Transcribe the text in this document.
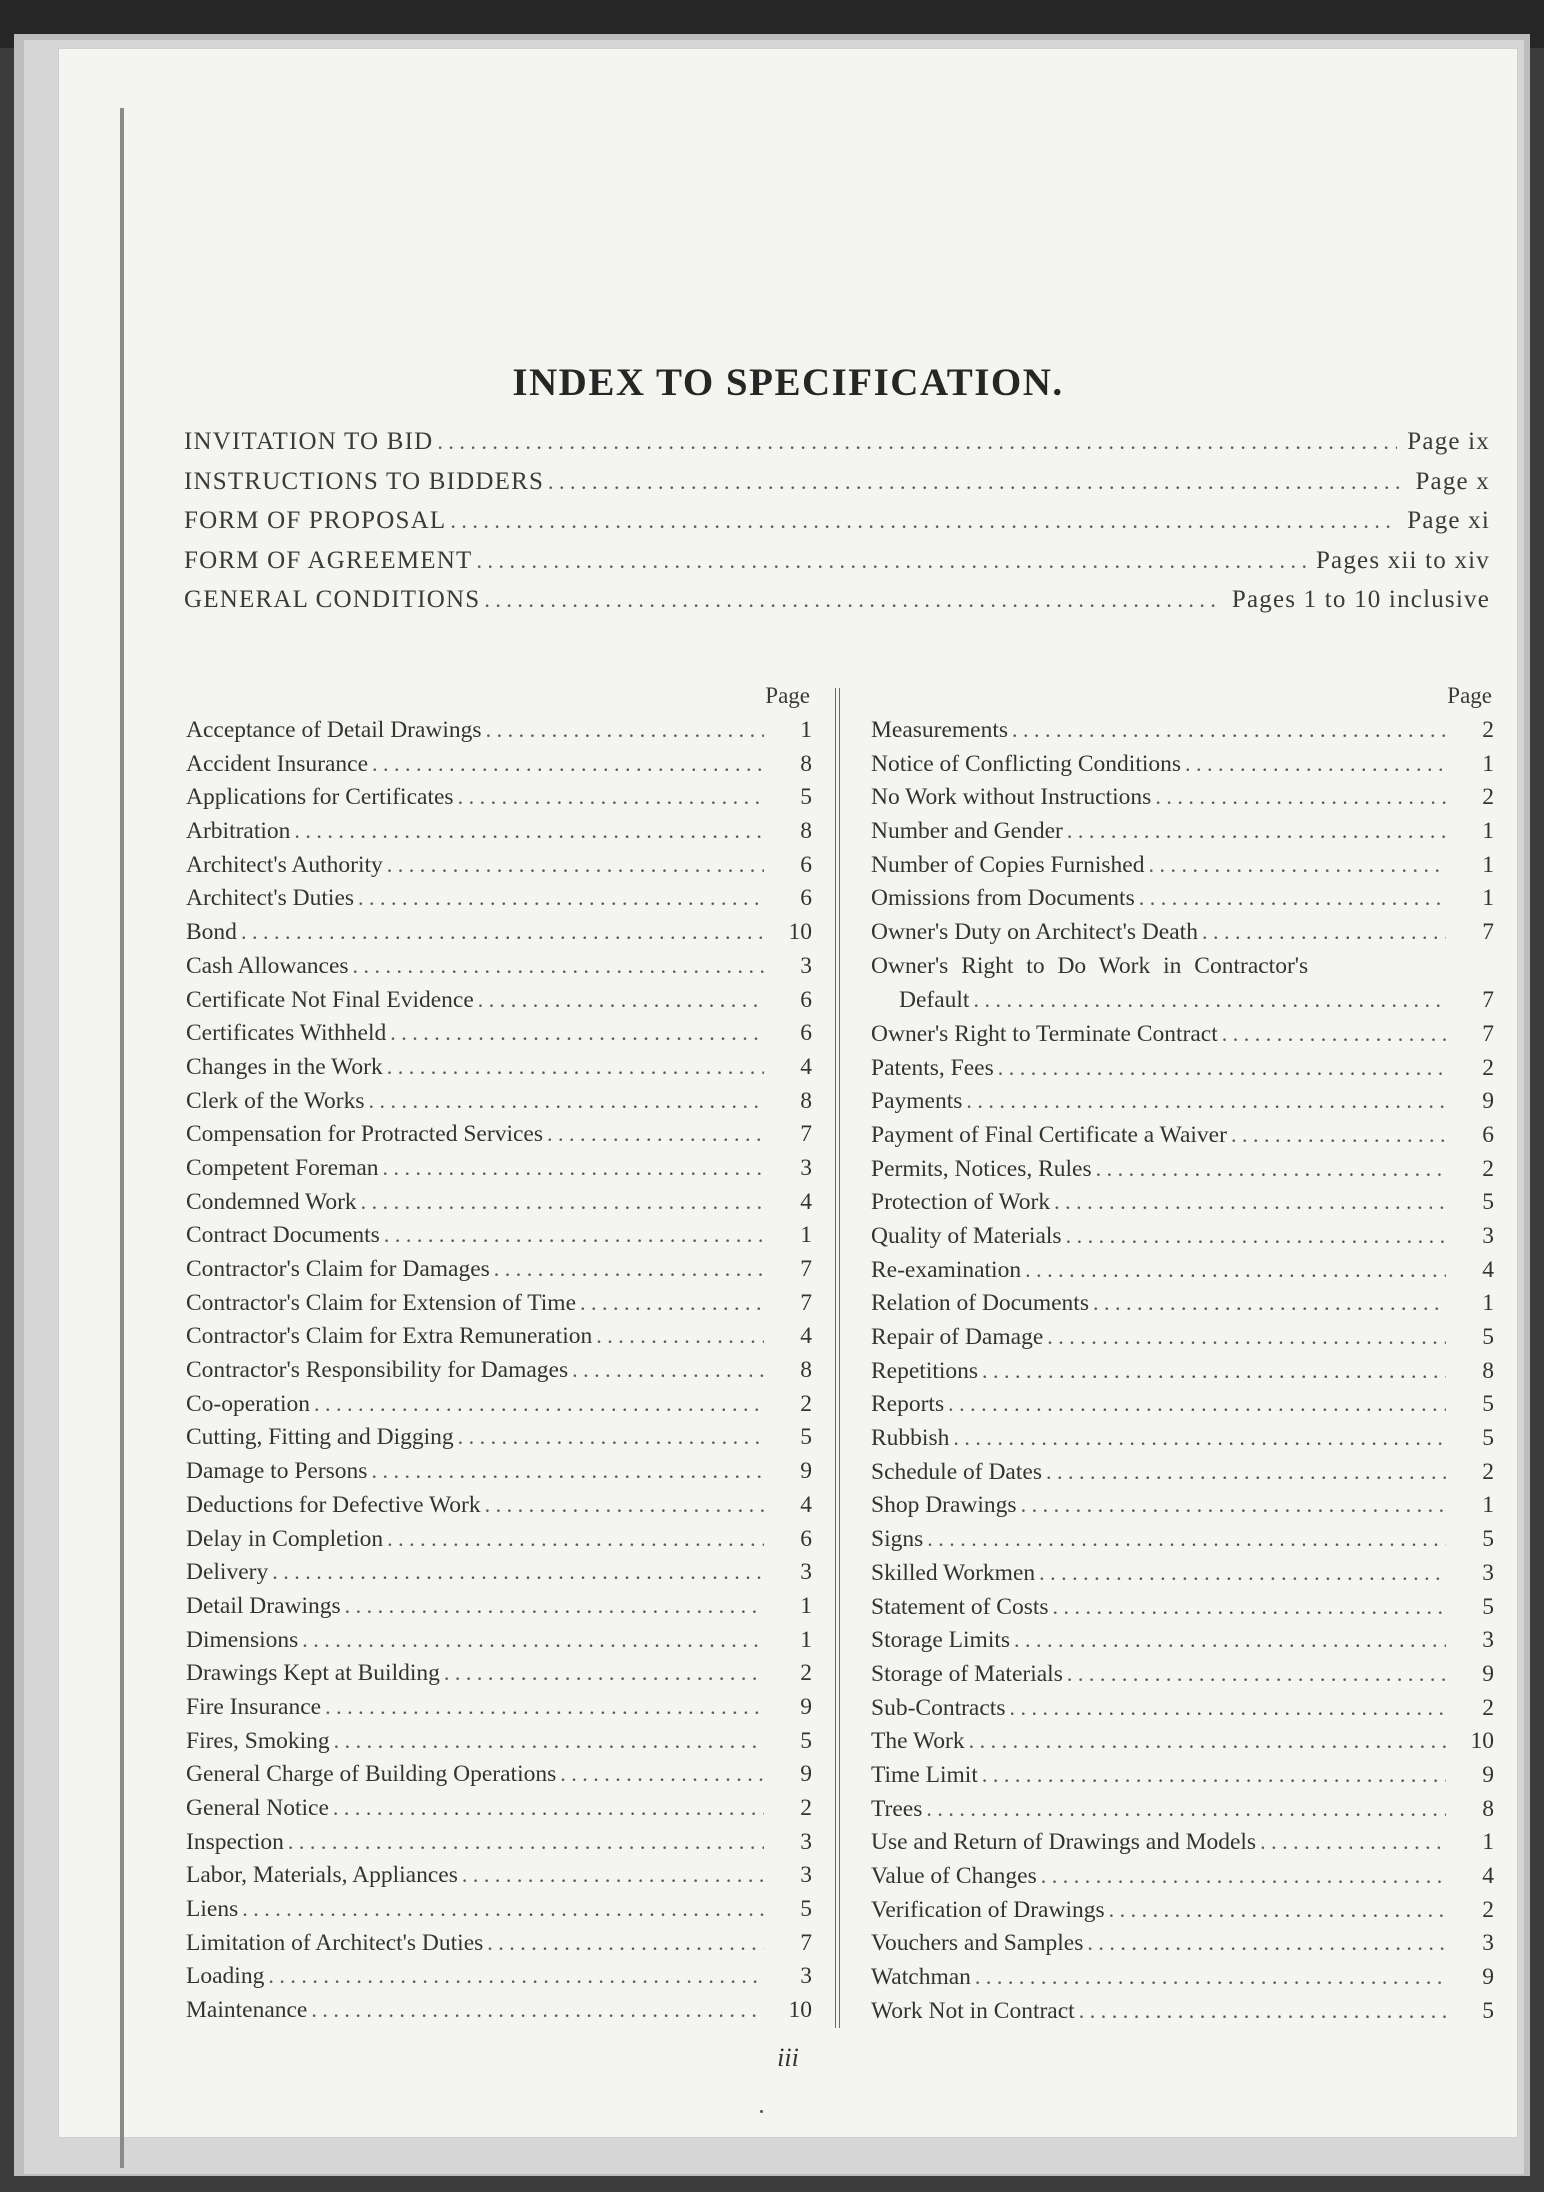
INDEX TO SPECIFICATION.
INVITATION TO BID . . .	Page ix
INSTRUCTIONS TO BIDDERS . . .	Page x
FORM OF PROPOSAL . . .	Page xi
FORM OF AGREEMENT . . .	Pages xii to xiv
GENERAL CONDITIONS . . .	Pages 1 to 10 inclusive
Page
Acceptance of Detail Drawings . . .	1
Accident Insurance . . .	8
Applications for Certificates . . .	5
Arbitration . . .	8
Architect's Authority . . .	6
Architect's Duties . . .	6
Bond . . .	10
Cash Allowances . . .	3
Certificate Not Final Evidence . . .	6
Certificates Withheld . . .	6
Changes in the Work . . .	4
Clerk of the Works . . .	8
Compensation for Protracted Services . . .	7
Competent Foreman . . .	3
Condemned Work . . .	4
Contract Documents . . .	1
Contractor's Claim for Damages . . .	7
Contractor's Claim for Extension of Time . . .	7
Contractor's Claim for Extra Remuneration . . .	4
Contractor's Responsibility for Damages . . .	8
Co-operation . . .	2
Cutting, Fitting and Digging . . .	5
Damage to Persons . . .	9
Deductions for Defective Work . . .	4
Delay in Completion . . .	6
Delivery . . .	3
Detail Drawings . . .	1
Dimensions . . .	1
Drawings Kept at Building . . .	2
Fire Insurance . . .	9
Fires, Smoking . . .	5
General Charge of Building Operations . . .	9
General Notice . . .	2
Inspection . . .	3
Labor, Materials, Appliances . . .	3
Liens . . .	5
Limitation of Architect's Duties . . .	7
Loading . . .	3
Maintenance . . .	10
Page
Measurements . . .	2
Notice of Conflicting Conditions . . .	1
No Work without Instructions . . .	2
Number and Gender . . .	1
Number of Copies Furnished . . .	1
Omissions from Documents . . .	1
Owner's Duty on Architect's Death . . .	7
Owner's Right to Do Work in Contractor's
Default . . .	7
Owner's Right to Terminate Contract . . .	7
Patents, Fees . . .	2
Payments . . .	9
Payment of Final Certificate a Waiver . . .	6
Permits, Notices, Rules . . .	2
Protection of Work . . .	5
Quality of Materials . . .	3
Re-examination . . .	4
Relation of Documents . . .	1
Repair of Damage . . .	5
Repetitions . . .	8
Reports . . .	5
Rubbish . . .	5
Schedule of Dates . . .	2
Shop Drawings . . .	1
Signs . . .	5
Skilled Workmen . . .	3
Statement of Costs . . .	5
Storage Limits . . .	3
Storage of Materials . . .	9
Sub-Contracts . . .	2
The Work . . .	10
Time Limit . . .	9
Trees . . .	8
Use and Return of Drawings and Models . . .	1
Value of Changes . . .	4
Verification of Drawings . . .	2
Vouchers and Samples . . .	3
Watchman . . .	9
Work Not in Contract . . .	5
iii
